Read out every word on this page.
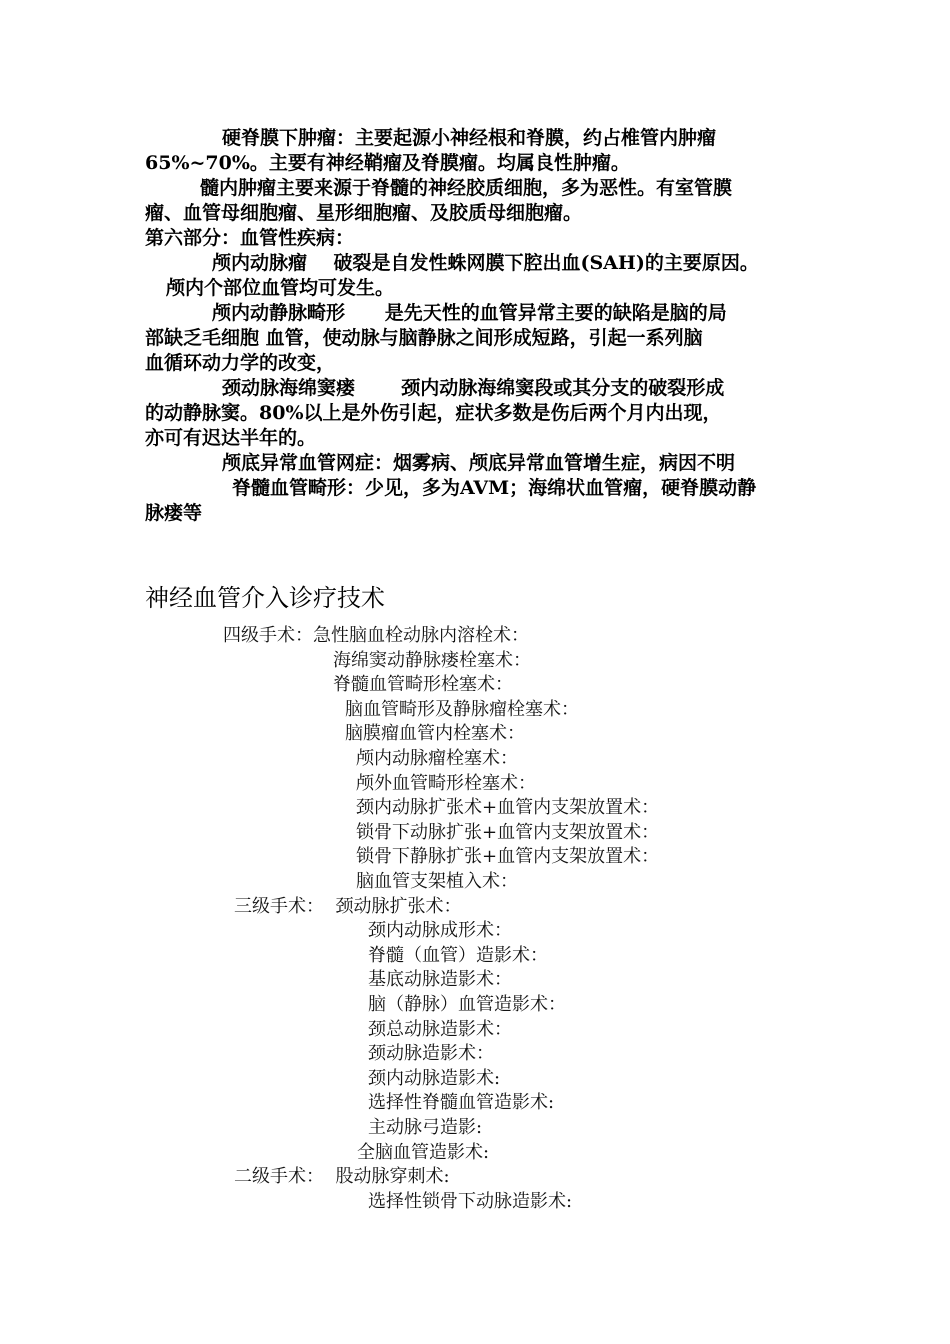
硬脊膜下肿瘤：主要起源小神经根和脊膜，约占椎管内肿瘤
65%~70%。主要有神经鞘瘤及脊膜瘤。均属良性肿瘤。
髓内肿瘤主要来源于脊髓的神经胶质细胞，多为恶性。有室管膜
瘤、血管母细胞瘤、星形细胞瘤、及胶质母细胞瘤。
第六部分：血管性疾病：
颅内动脉瘤    破裂是自发性蛛网膜下腔出血(SAH)的主要原因。
颅内个部位血管均可发生。
颅内动静脉畸形      是先天性的血管异常主要的缺陷是脑的局
部缺乏毛细胞 血管，使动脉与脑静脉之间形成短路，引起一系列脑
血循环动力学的改变，
颈动脉海绵窦瘘       颈内动脉海绵窦段或其分支的破裂形成
的动静脉窦。80%以上是外伤引起，症状多数是伤后两个月内出现，
亦可有迟达半年的。
颅底异常血管网症：烟雾病、颅底异常血管增生症，病因不明
脊髓血管畸形：少见，多为AVM；海绵状血管瘤，硬脊膜动静
脉瘘等
神经血管介入诊疗技术
四级手术：急性脑血栓动脉内溶栓术：
海绵窦动静脉瘘栓塞术：
脊髓血管畸形栓塞术：
脑血管畸形及静脉瘤栓塞术：
脑膜瘤血管内栓塞术：
颅内动脉瘤栓塞术：
颅外血管畸形栓塞术：
颈内动脉扩张术+血管内支架放置术：
锁骨下动脉扩张+血管内支架放置术：
锁骨下静脉扩张+血管内支架放置术：
脑血管支架植入术：
三级手术：  颈动脉扩张术：
颈内动脉成形术：
脊髓（血管）造影术：
基底动脉造影术：
脑（静脉）血管造影术：
颈总动脉造影术：
颈动脉造影术：
颈内动脉造影术:
选择性脊髓血管造影术:
主动脉弓造影:
全脑血管造影术:
二级手术：  股动脉穿刺术:
选择性锁骨下动脉造影术:
